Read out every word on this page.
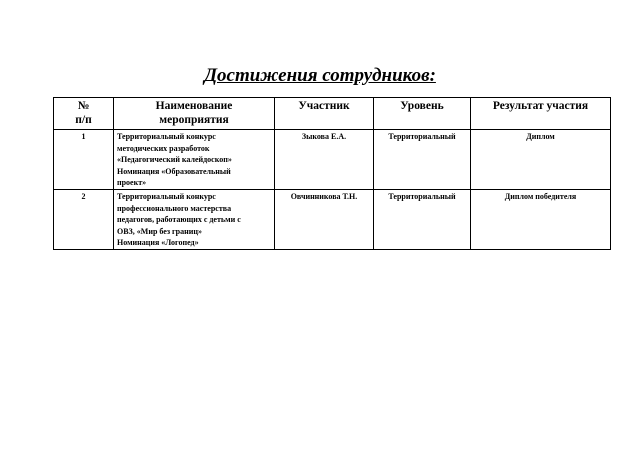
Достижения сотрудников:
№
п/п	Наименование
мероприятия	Участник	Уровень	Результат участия
1	Территориальный конкурс
методических разработок
«Педагогический калейдоскоп»
Номинация «Образовательный
проект»	Зыкова Е.А.	Территориальный	Диплом
2	Территориальный конкурс
профессионального мастерства
педагогов, работающих с детьми с
ОВЗ, «Мир без границ»
Номинация «Логопед»	Овчинникова Т.Н.	Территориальный	Диплом победителя
